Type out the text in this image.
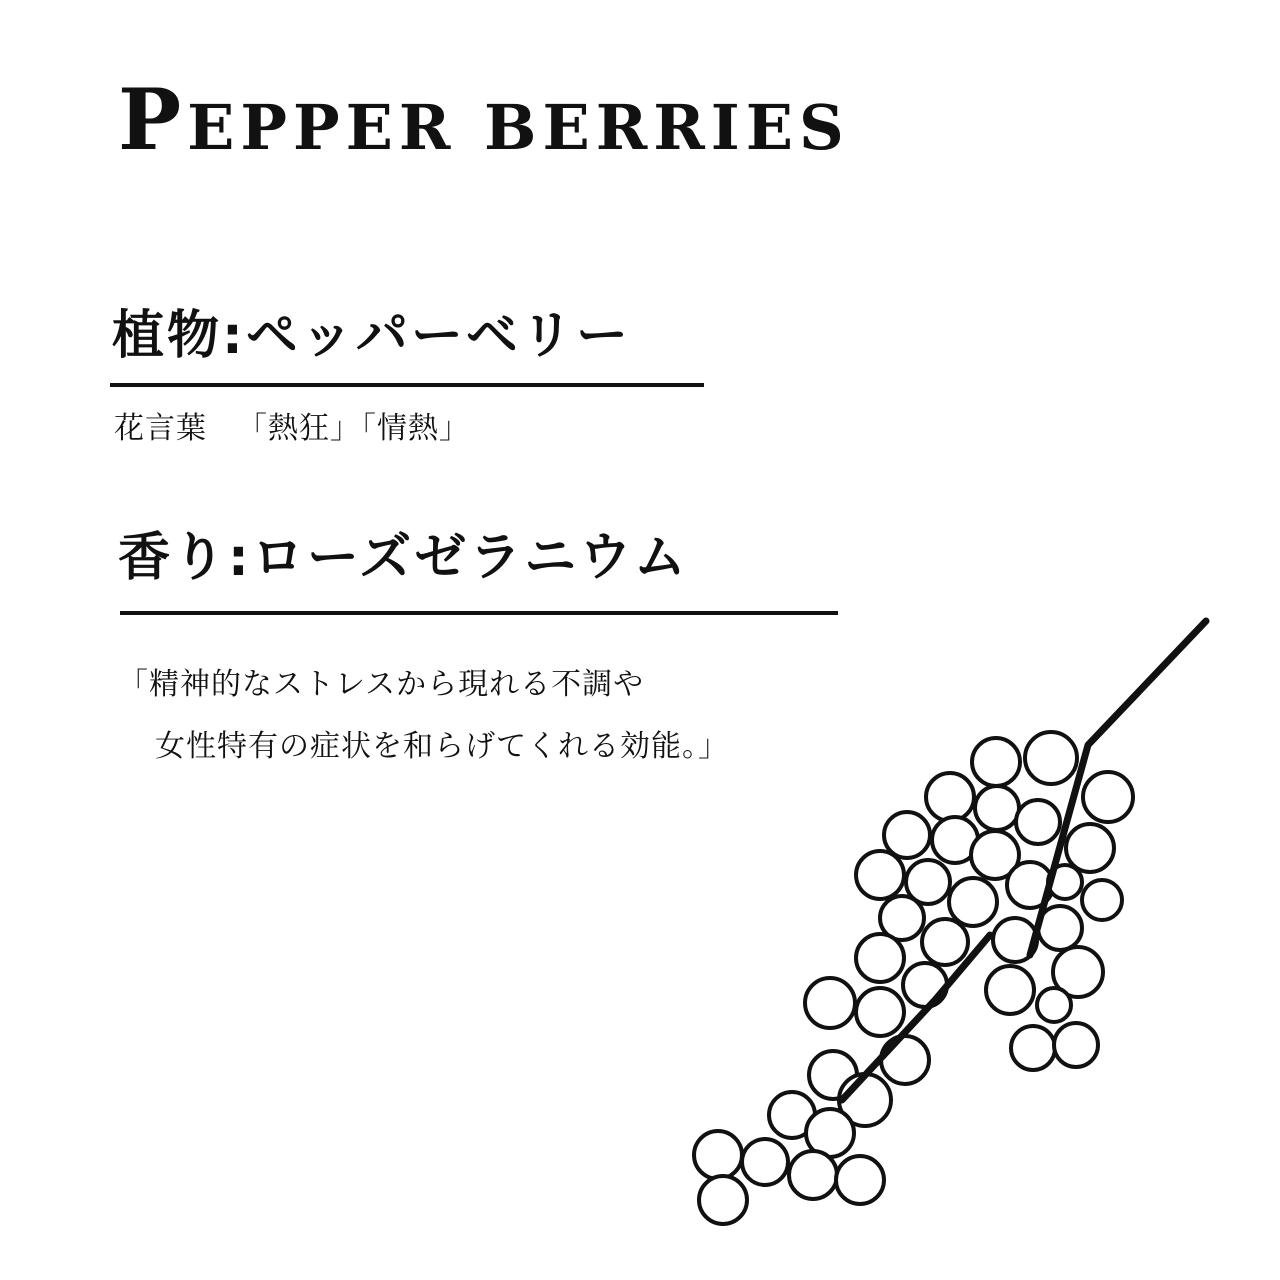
PEPPER BERRIES
植物:ペッパーベリー
花言葉 「熱狂」「情熱」
香り:ローズゼラニウム
「精神的なストレスから現れる不調や
女性特有の症状を和らげてくれる効能。」
